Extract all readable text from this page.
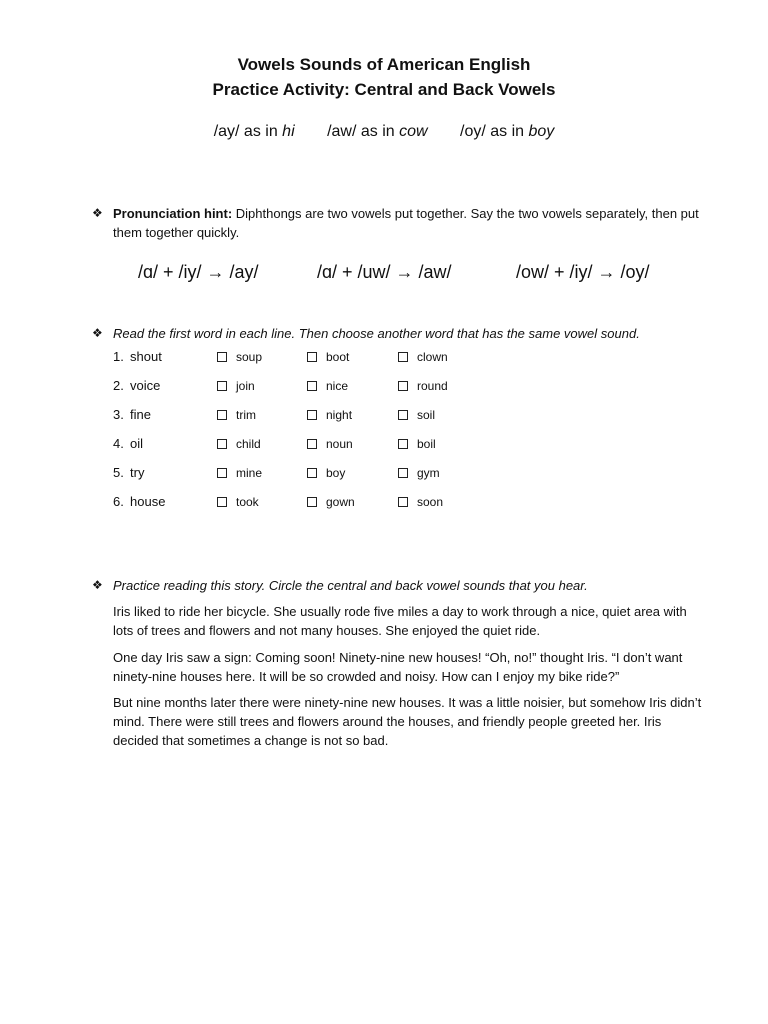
Vowels Sounds of American English
Practice Activity: Central and Back Vowels
/ay/ as in hi /aw/ as in cow /oy/ as in boy
❖ Pronunciation hint: Diphthongs are two vowels put together. Say the two vowels separately, then put them together quickly.
/ɑ/ + /iy/ → /ay/	/ɑ/ + /uw/ → /aw/	/ow/ + /iy/ → /oy/
❖ Read the first word in each line. Then choose another word that has the same vowel sound.
1. shout	soup	boot	clown
2. voice	join	nice	round
3. fine	trim	night	soil
4. oil	child	noun	boil
5. try	mine	boy	gym
6. house	took	gown	soon
❖ Practice reading this story. Circle the central and back vowel sounds that you hear.
Iris liked to ride her bicycle. She usually rode five miles a day to work through a nice, quiet area with lots of trees and flowers and not many houses. She enjoyed the quiet ride.
One day Iris saw a sign: Coming soon! Ninety-nine new houses! “Oh, no!” thought Iris. “I don’t want ninety-nine houses here. It will be so crowded and noisy. How can I enjoy my bike ride?”
But nine months later there were ninety-nine new houses. It was a little noisier, but somehow Iris didn’t mind. There were still trees and flowers around the houses, and friendly people greeted her. Iris decided that sometimes a change is not so bad.
